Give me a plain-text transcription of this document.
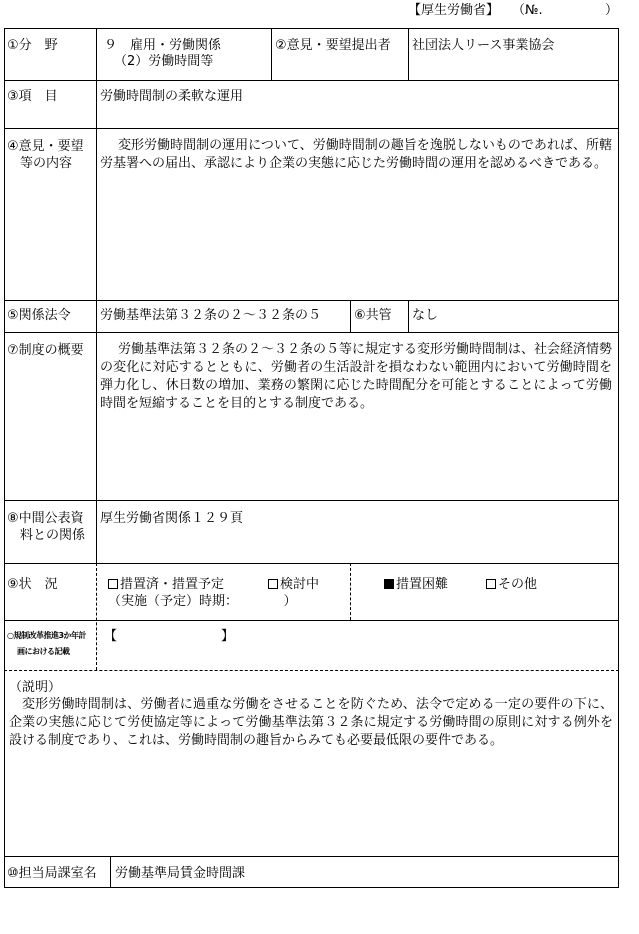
【厚生労働省】 （№.	）
①分　野	９　雇用・労働関係
（2）労働時間等
②意見・要望提出者 社団法人リース事業協会
③項　目	労働時間制の柔軟な運用
④意見・要望
等の内容
変形労働時間制の運用について、労働時間制の趣旨を逸脱しないものであれば、所轄労基署への届出、承認により企業の実態に応じた労働時間の運用を認めるべきである。
⑤関係法令 労働基準法第３２条の２～３２条の５	⑥共管 なし
⑦制度の概要	労働基準法第３２条の２～３２条の５等に規定する変形労働時間制は、社会経済情勢の変化に対応するとともに、労働者の生活設計を損なわない範囲内において労働時間を弾力化し、休日数の増加、業務の繁閑に応じた時間配分を可能とすることによって労働時間を短縮することを目的とする制度である。
⑧中間公表資
料との関係
厚生労働省関係１２９頁
⑨状　況	措置済・措置予定
（実施（予定）時期：　　　　）
検討中	措置困難	その他
○規制改革推進3か年計
画における記載
【　　　　　　　　】
（説明）
変形労働時間制は、労働者に過重な労働をさせることを防ぐため、法令で定める一定の要件の下に、企業の実態に応じて労使協定等によって労働基準法第３２条に規定する労働時間の原則に対する例外を設ける制度であり、これは、労働時間制の趣旨からみても必要最低限の要件である。
⑩担当局課室名 労働基準局賃金時間課
